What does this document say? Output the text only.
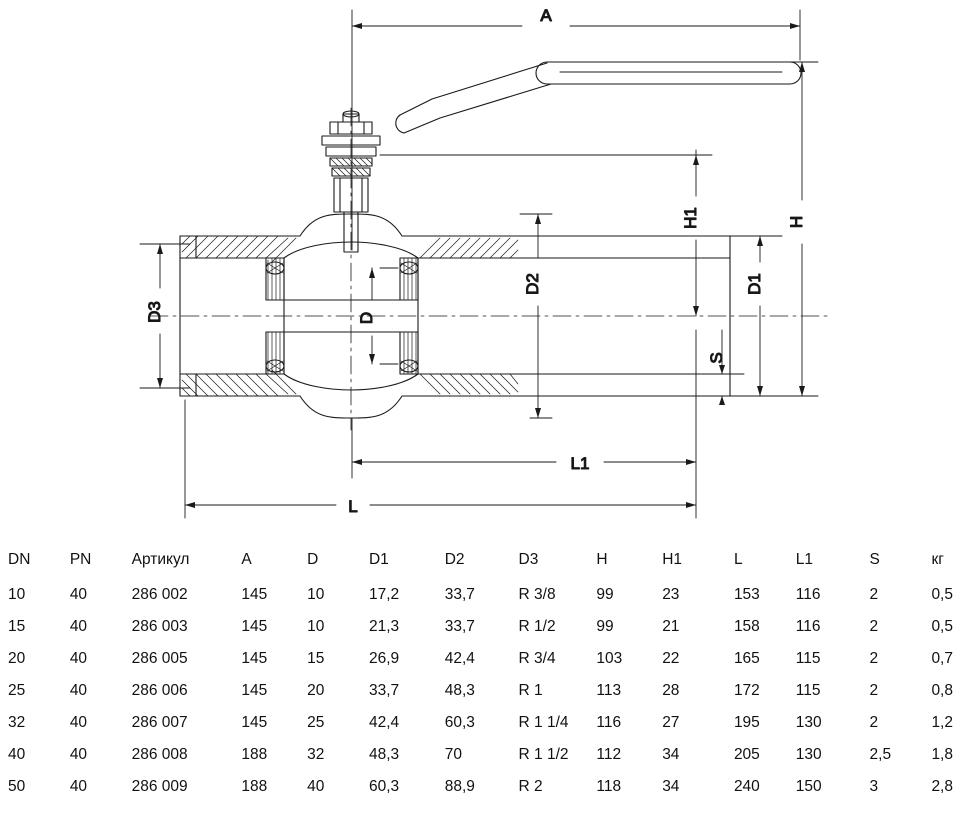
A
H
H1
D1
S
D2
D3	D
L1
L
DN	PN	Артикул	A	D	D1	D2	D3	H	H1	L	L1	S	кг
10	40	286 002	145	10	17,2	33,7	R 3/8	99	23	153	116	2	0,5
15	40	286 003	145	10	21,3	33,7	R 1/2	99	21	158	116	2	0,5
20	40	286 005	145	15	26,9	42,4	R 3/4	103	22	165	115	2	0,7
25	40	286 006	145	20	33,7	48,3	R 1	113	28	172	115	2	0,8
32	40	286 007	145	25	42,4	60,3	R 1 1/4	116	27	195	130	2	1,2
40	40	286 008	188	32	48,3	70	R 1 1/2	112	34	205	130	2,5	1,8
50	40	286 009	188	40	60,3	88,9	R 2	118	34	240	150	3	2,8
